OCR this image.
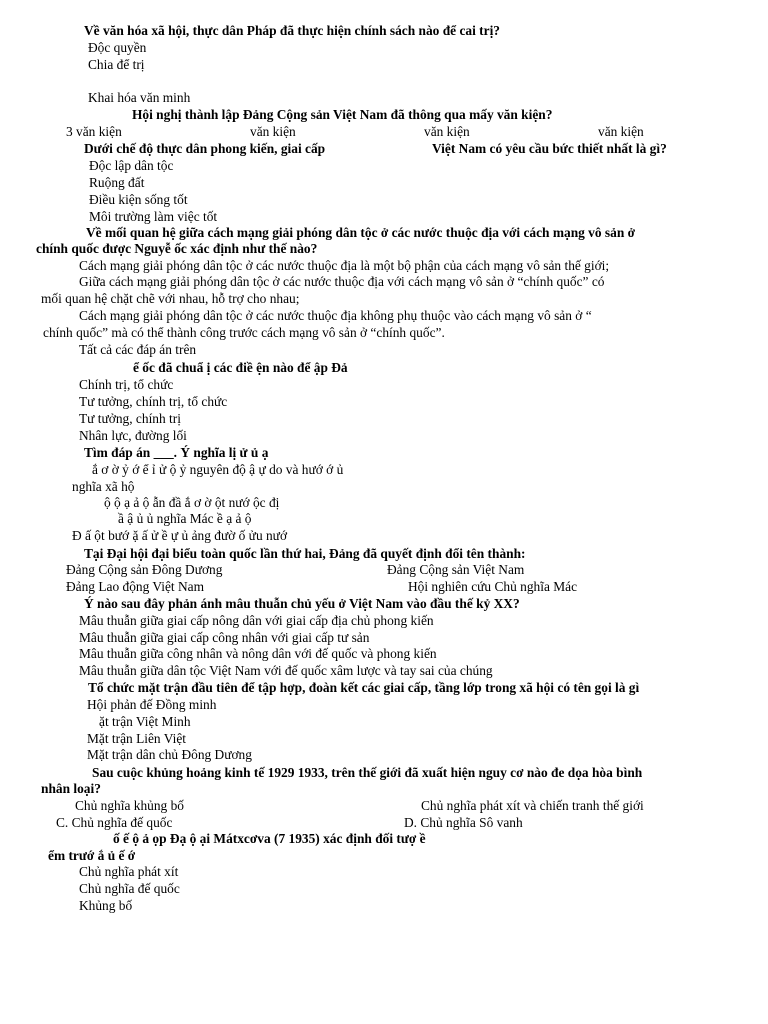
Về văn hóa xã hội, thực dân Pháp đã thực hiện chính sách nào để cai trị?
Độc quyền
Chia để trị
Khai hóa văn minh
Hội nghị thành lập Đảng Cộng sản Việt Nam đã thông qua mấy văn kiện?
3 văn kiện	văn kiện	văn kiện	văn kiện
Dưới chế độ thực dân phong kiến, giai cấp	Việt Nam có yêu cầu bức thiết nhất là gì?
Độc lập dân tộc
Ruộng đất
Điều kiện sống tốt
Môi trường làm việc tốt
Về mối quan hệ giữa cách mạng giải phóng dân tộc ở các nước thuộc địa với cách mạng vô sản ở
chính quốc được Nguyễ ốc xác định như thế nào?
Cách mạng giải phóng dân tộc ở các nước thuộc địa là một bộ phận của cách mạng vô sản thế giới;
Giữa cách mạng giải phóng dân tộc ở các nước thuộc địa với cách mạng vô sản ở “chính quốc” có
mối quan hệ chặt chẽ với nhau, hỗ trợ cho nhau;
Cách mạng giải phóng dân tộc ở các nước thuộc địa không phụ thuộc vào cách mạng vô sản ở “
chính quốc” mà có thể thành công trước cách mạng vô sản ở “chính quốc”.
Tất cả các đáp án trên
ể ốc đã chuẩ ị các điề ện nào để ập Đả
Chính trị, tổ chức
Tư tưởng, chính trị, tổ chức
Tư tưởng, chính trị
Nhân lực, đường lối
Tìm đáp án ___. Ý nghĩa lị ử ủ ạ
ắ ơ ờ ỷ ớ ể ỉ ử ộ ỷ nguyên độ ậ ự do và hướ ớ ủ
nghĩa xã hộ
ộ ộ ạ ả ộ ẫn đầ ắ ơ ờ ột nướ ộc đị
ầ ậ ủ ủ nghĩa Mác ề ạ ả ộ
Đ ấ ột bướ ặ ấ ử ề ự ủ ảng đườ ố ửu nướ
Tại Đại hội đại biểu toàn quốc lần thứ hai, Đảng đã quyết định đổi tên thành:
Đảng Cộng sản Đông Dương	Đảng Cộng sản Việt Nam
Đảng Lao động Việt Nam	Hội nghiên cứu Chủ nghĩa Mác
Ý nào sau đây phản ánh mâu thuẫn chủ yếu ở Việt Nam vào đầu thế kỷ XX?
Mâu thuẫn giữa giai cấp nông dân với giai cấp địa chủ phong kiến
Mâu thuẫn giữa giai cấp công nhân với giai cấp tư sản
Mâu thuẫn giữa công nhân và nông dân với đế quốc và phong kiến
Mâu thuẫn giữa dân tộc Việt Nam với đế quốc xâm lược và tay sai của chúng
Tổ chức mặt trận đầu tiên để tập hợp, đoàn kết các giai cấp, tầng lớp trong xã hội có tên gọi là gì
Hội phản đế Đồng minh
ặt trận Việt Minh
Mặt trận Liên Việt
Mặt trận dân chủ Đông Dương
Sau cuộc khủng hoảng kinh tế 1929 1933, trên thế giới đã xuất hiện nguy cơ nào đe dọa hòa bình
nhân loại?
Chủ nghĩa khủng bố	Chủ nghĩa phát xít và chiến tranh thế giới
C. Chủ nghĩa đế quốc	D. Chủ nghĩa Sô vanh
ố ế ộ ả ọp Đạ ộ ại Mátxcơva (7 1935) xác định đối tượ ề
ểm trướ ắ ủ ế ớ
Chủ nghĩa phát xít
Chủ nghĩa đế quốc
Khủng bố
